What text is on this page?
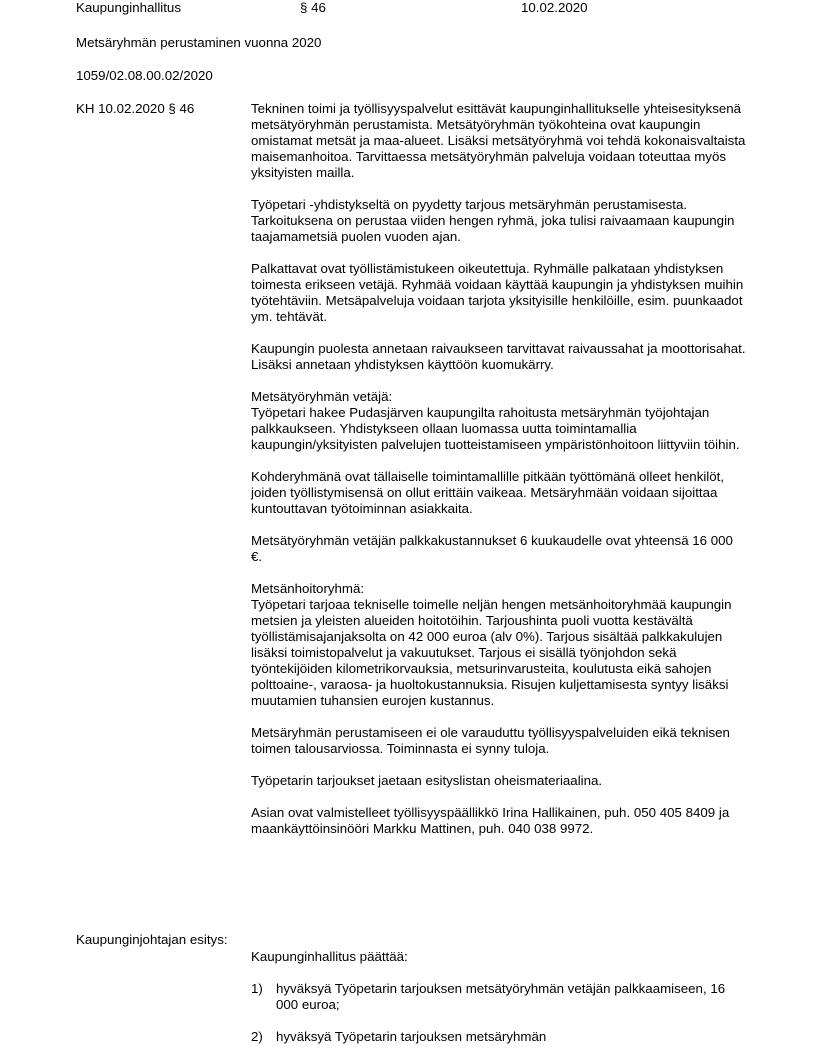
Kaupunginhallitus	§ 46	10.02.2020
Metsäryhmän perustaminen vuonna 2020
1059/02.08.00.02/2020
KH 10.02.2020 § 46	Tekninen toimi ja työllisyyspalvelut esittävät kaupunginhallitukselle yhteisesityksenä metsätyöryhmän perustamista. Metsätyöryhmän työkohteina ovat kaupungin omistamat metsät ja maa-alueet. Lisäksi metsätyöryhmä voi tehdä kokonaisvaltaista maisemanhoitoa. Tarvittaessa metsätyöryhmän palveluja voidaan toteuttaa myös yksityisten mailla.

Työpetari -yhdistykseltä on pyydetty tarjous metsäryhmän perustamisesta. Tarkoituksena on perustaa viiden hengen ryhmä, joka tulisi raivaamaan kaupungin taajamametsiä puolen vuoden ajan.

Palkattavat ovat työllistämistukeen oikeutettuja. Ryhmälle palkataan yhdistyksen toimesta erikseen vetäjä. Ryhmää voidaan käyttää kaupungin ja yhdistyksen muihin työtehtäviin. Metsäpalveluja voidaan tarjota yksityisille henkilöille, esim. puunkaadot ym. tehtävät.

Kaupungin puolesta annetaan raivaukseen tarvittavat raivaussahat ja moottorisahat. Lisäksi annetaan yhdistyksen käyttöön kuomukärry.

Metsätyöryhmän vetäjä:
Työpetari hakee Pudasjärven kaupungilta rahoitusta metsäryhmän työjohtajan palkkaukseen. Yhdistykseen ollaan luomassa uutta toimintamallia kaupungin/yksityisten palvelujen tuotteistamiseen ympäristönhoitoon liittyviin töihin.

Kohderyhmänä ovat tällaiselle toimintamallille pitkään työttömänä olleet henkilöt, joiden työllistymisensä on ollut erittäin vaikeaa. Metsäryhmään voidaan sijoittaa kuntouttavan työtoiminnan asiakkaita.

Metsätyöryhmän vetäjän palkkakustannukset 6 kuukaudelle ovat yhteensä 16 000 €.

Metsänhoitoryhmä:
Työpetari tarjoaa tekniselle toimelle neljän hengen metsänhoitoryhmää kaupungin metsien ja yleisten alueiden hoitotöihin. Tarjoushinta puoli vuotta kestävältä työllistämisajanjaksolta on 42 000 euroa (alv 0%). Tarjous sisältää palkkakulujen lisäksi toimistopalvelut ja vakuutukset. Tarjous ei sisällä työnjohdon sekä työntekijöiden kilometrikorvauksia, metsurinvarusteita, koulutusta eikä sahojen polttoaine-, varaosa- ja huoltokustannuksia. Risujen kuljettamisesta syntyy lisäksi muutamien tuhansien eurojen kustannus.

Metsäryhmän perustamiseen ei ole varauduttu työllisyyspalveluiden eikä teknisen toimen talousarviossa. Toiminnasta ei synny tuloja.

Työpetarin tarjoukset jaetaan esityslistan oheismateriaalina.

Asian ovat valmistelleet työllisyyspäällikkö Irina Hallikainen, puh. 050 405 8409 ja maankäyttöinsinööri Markku Mattinen, puh. 040 038 9972.

Kaupunginjohtajan esitys:

Kaupunginhallitus päättää:

1) hyväksyä Työpetarin tarjouksen metsätyöryhmän vetäjän palkkaamiseen, 16 000 euroa;
2) hyväksyä Työpetarin tarjouksen metsäryhmän
